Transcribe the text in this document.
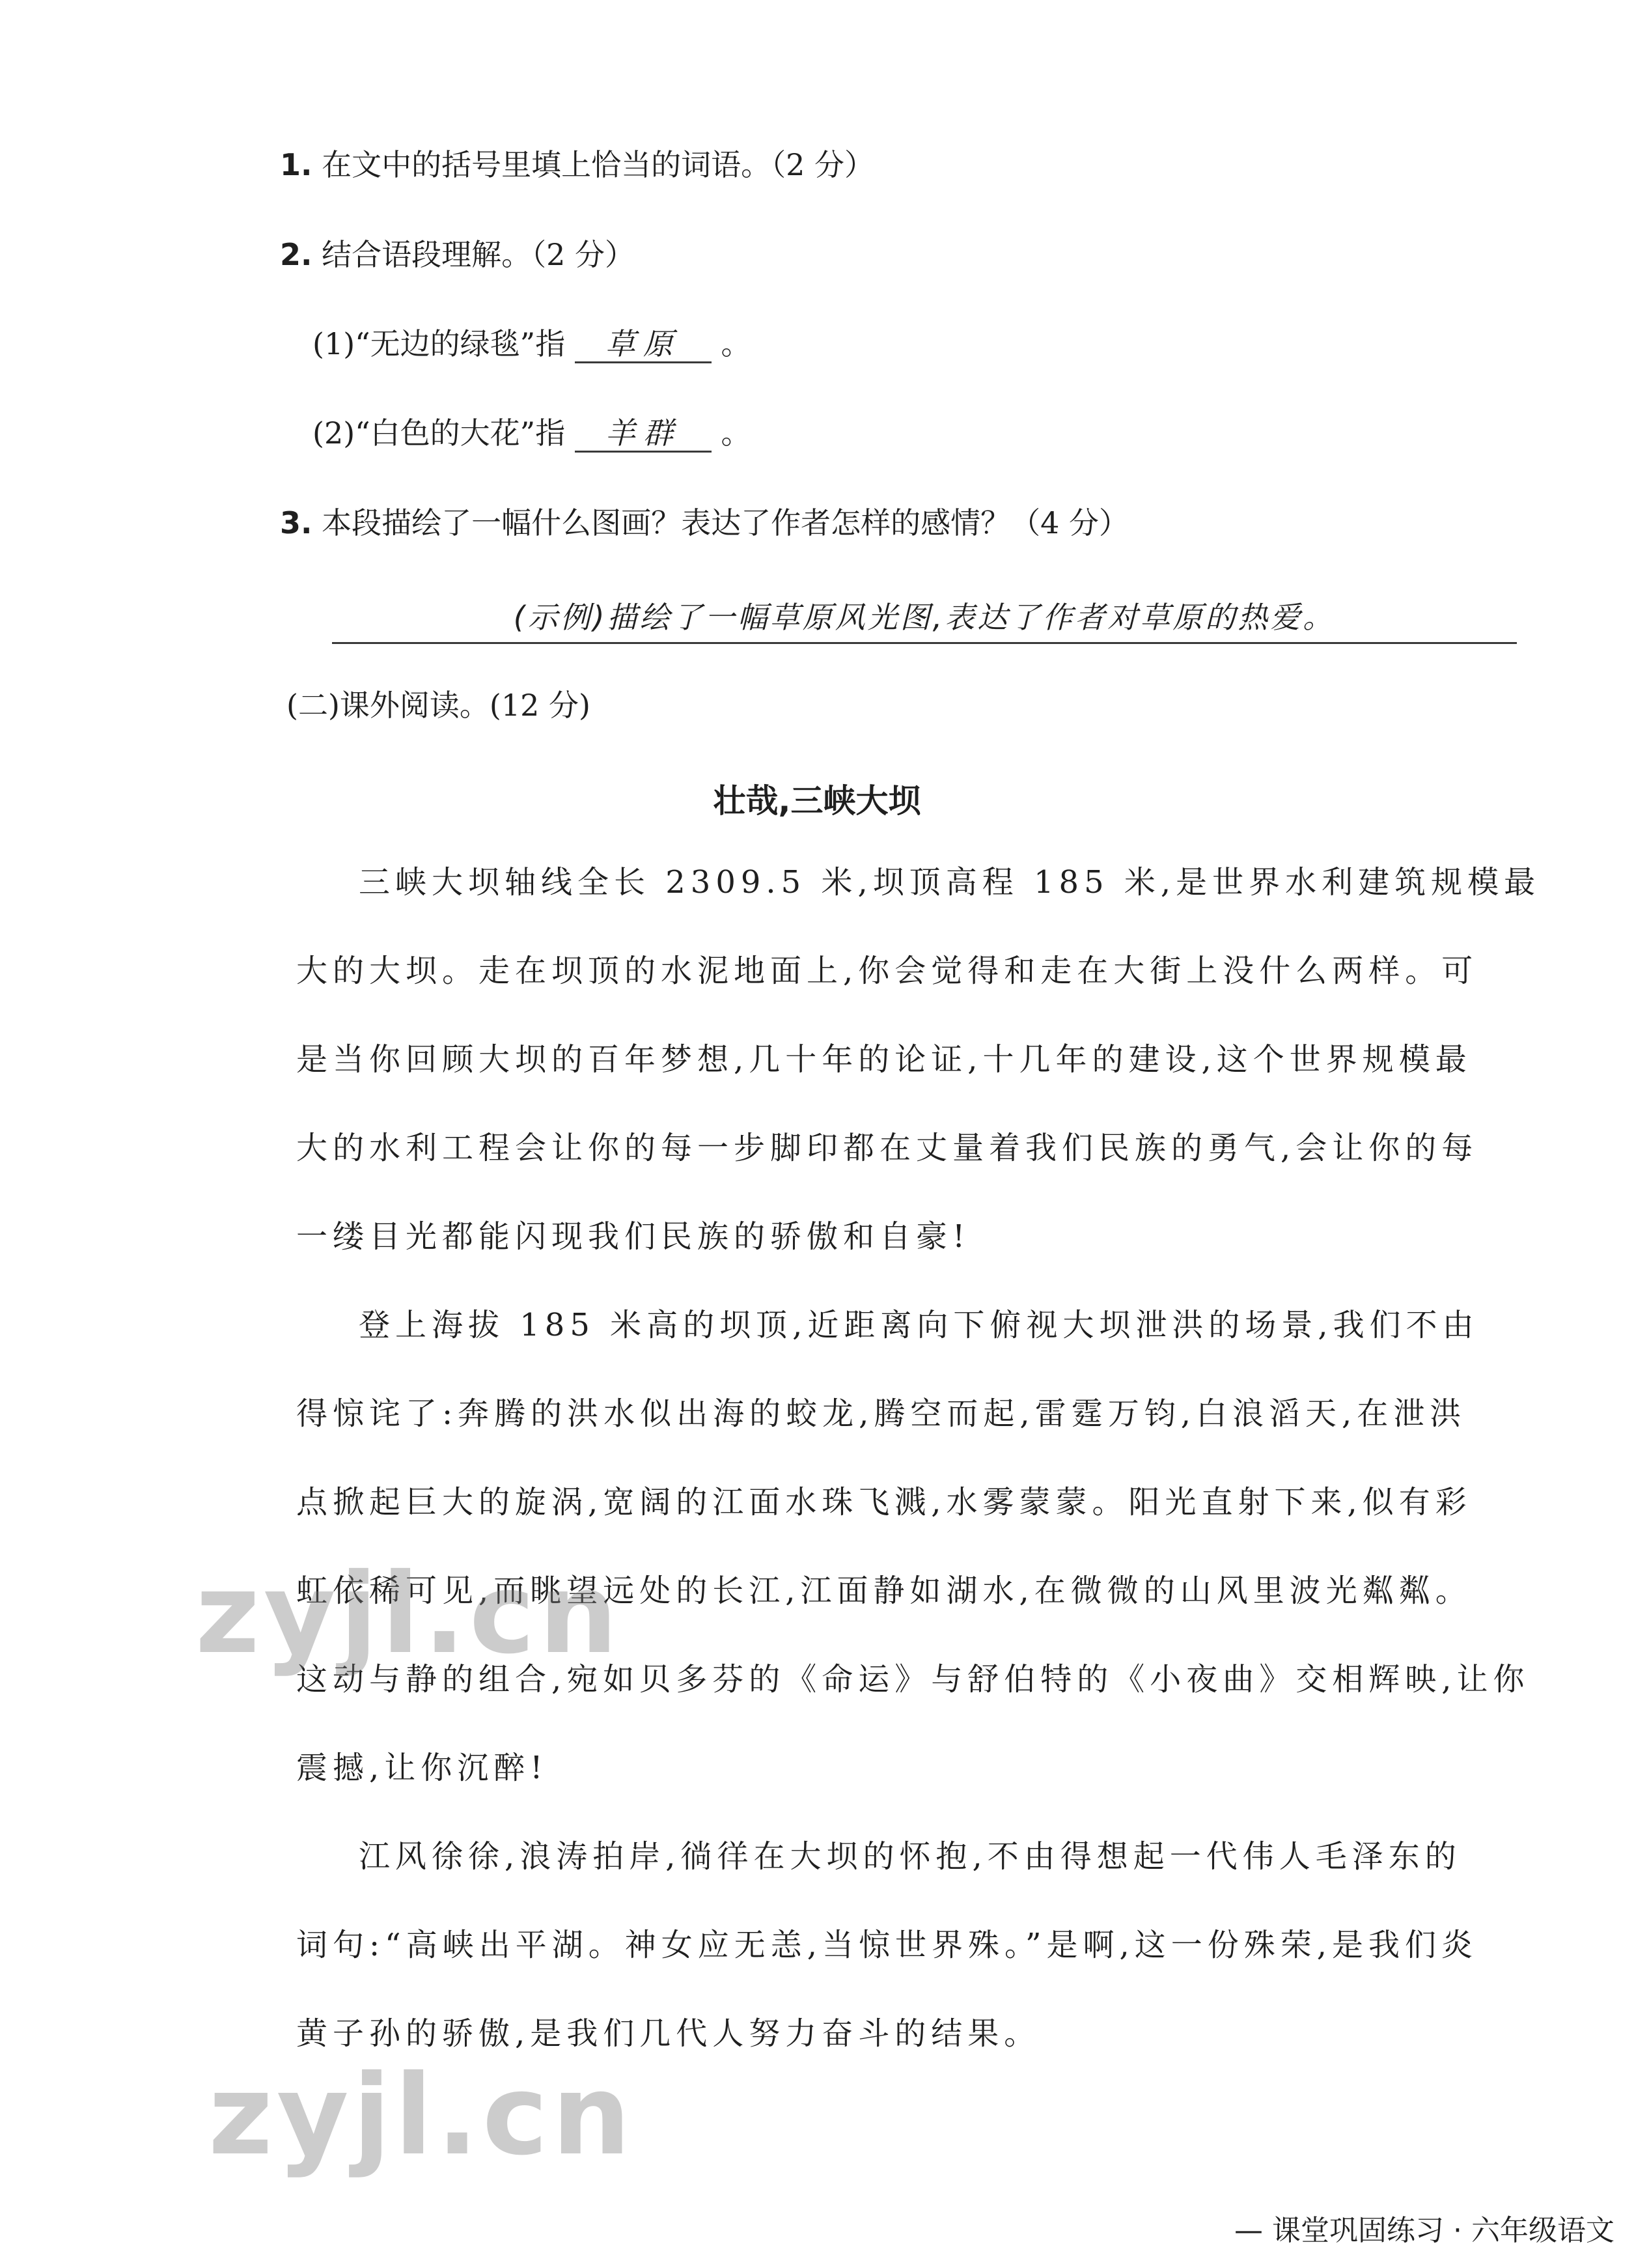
1. 在文中的括号里填上恰当的词语。（2 分）
2. 结合语段理解。（2 分）
(1)“无边的绿毯”指 草原 。
(2)“白色的大花”指 羊群 。
3. 本段描绘了一幅什么图画？表达了作者怎样的感情？（4 分）
(示例)描绘了一幅草原风光图,表达了作者对草原的热爱。
(二)课外阅读。(12 分)
壮哉,三峡大坝
三峡大坝轴线全长 2309.5 米,坝顶高程 185 米,是世界水利建筑规模最
大的大坝。走在坝顶的水泥地面上,你会觉得和走在大街上没什么两样。可
是当你回顾大坝的百年梦想,几十年的论证,十几年的建设,这个世界规模最
大的水利工程会让你的每一步脚印都在丈量着我们民族的勇气,会让你的每
一缕目光都能闪现我们民族的骄傲和自豪!
登上海拔 185 米高的坝顶,近距离向下俯视大坝泄洪的场景,我们不由
得惊诧了:奔腾的洪水似出海的蛟龙,腾空而起,雷霆万钧,白浪滔天,在泄洪
点掀起巨大的旋涡,宽阔的江面水珠飞溅,水雾蒙蒙。阳光直射下来,似有彩
虹依稀可见,而眺望远处的长江,江面静如湖水,在微微的山风里波光粼粼。
这动与静的组合,宛如贝多芬的《命运》与舒伯特的《小夜曲》交相辉映,让你
震撼,让你沉醉!
江风徐徐,浪涛拍岸,徜徉在大坝的怀抱,不由得想起一代伟人毛泽东的
词句:“高峡出平湖。神女应无恙,当惊世界殊。”是啊,这一份殊荣,是我们炎
黄子孙的骄傲,是我们几代人努力奋斗的结果。
zyjl.cn
zyjl.cn
— 课堂巩固练习 · 六年级语文
